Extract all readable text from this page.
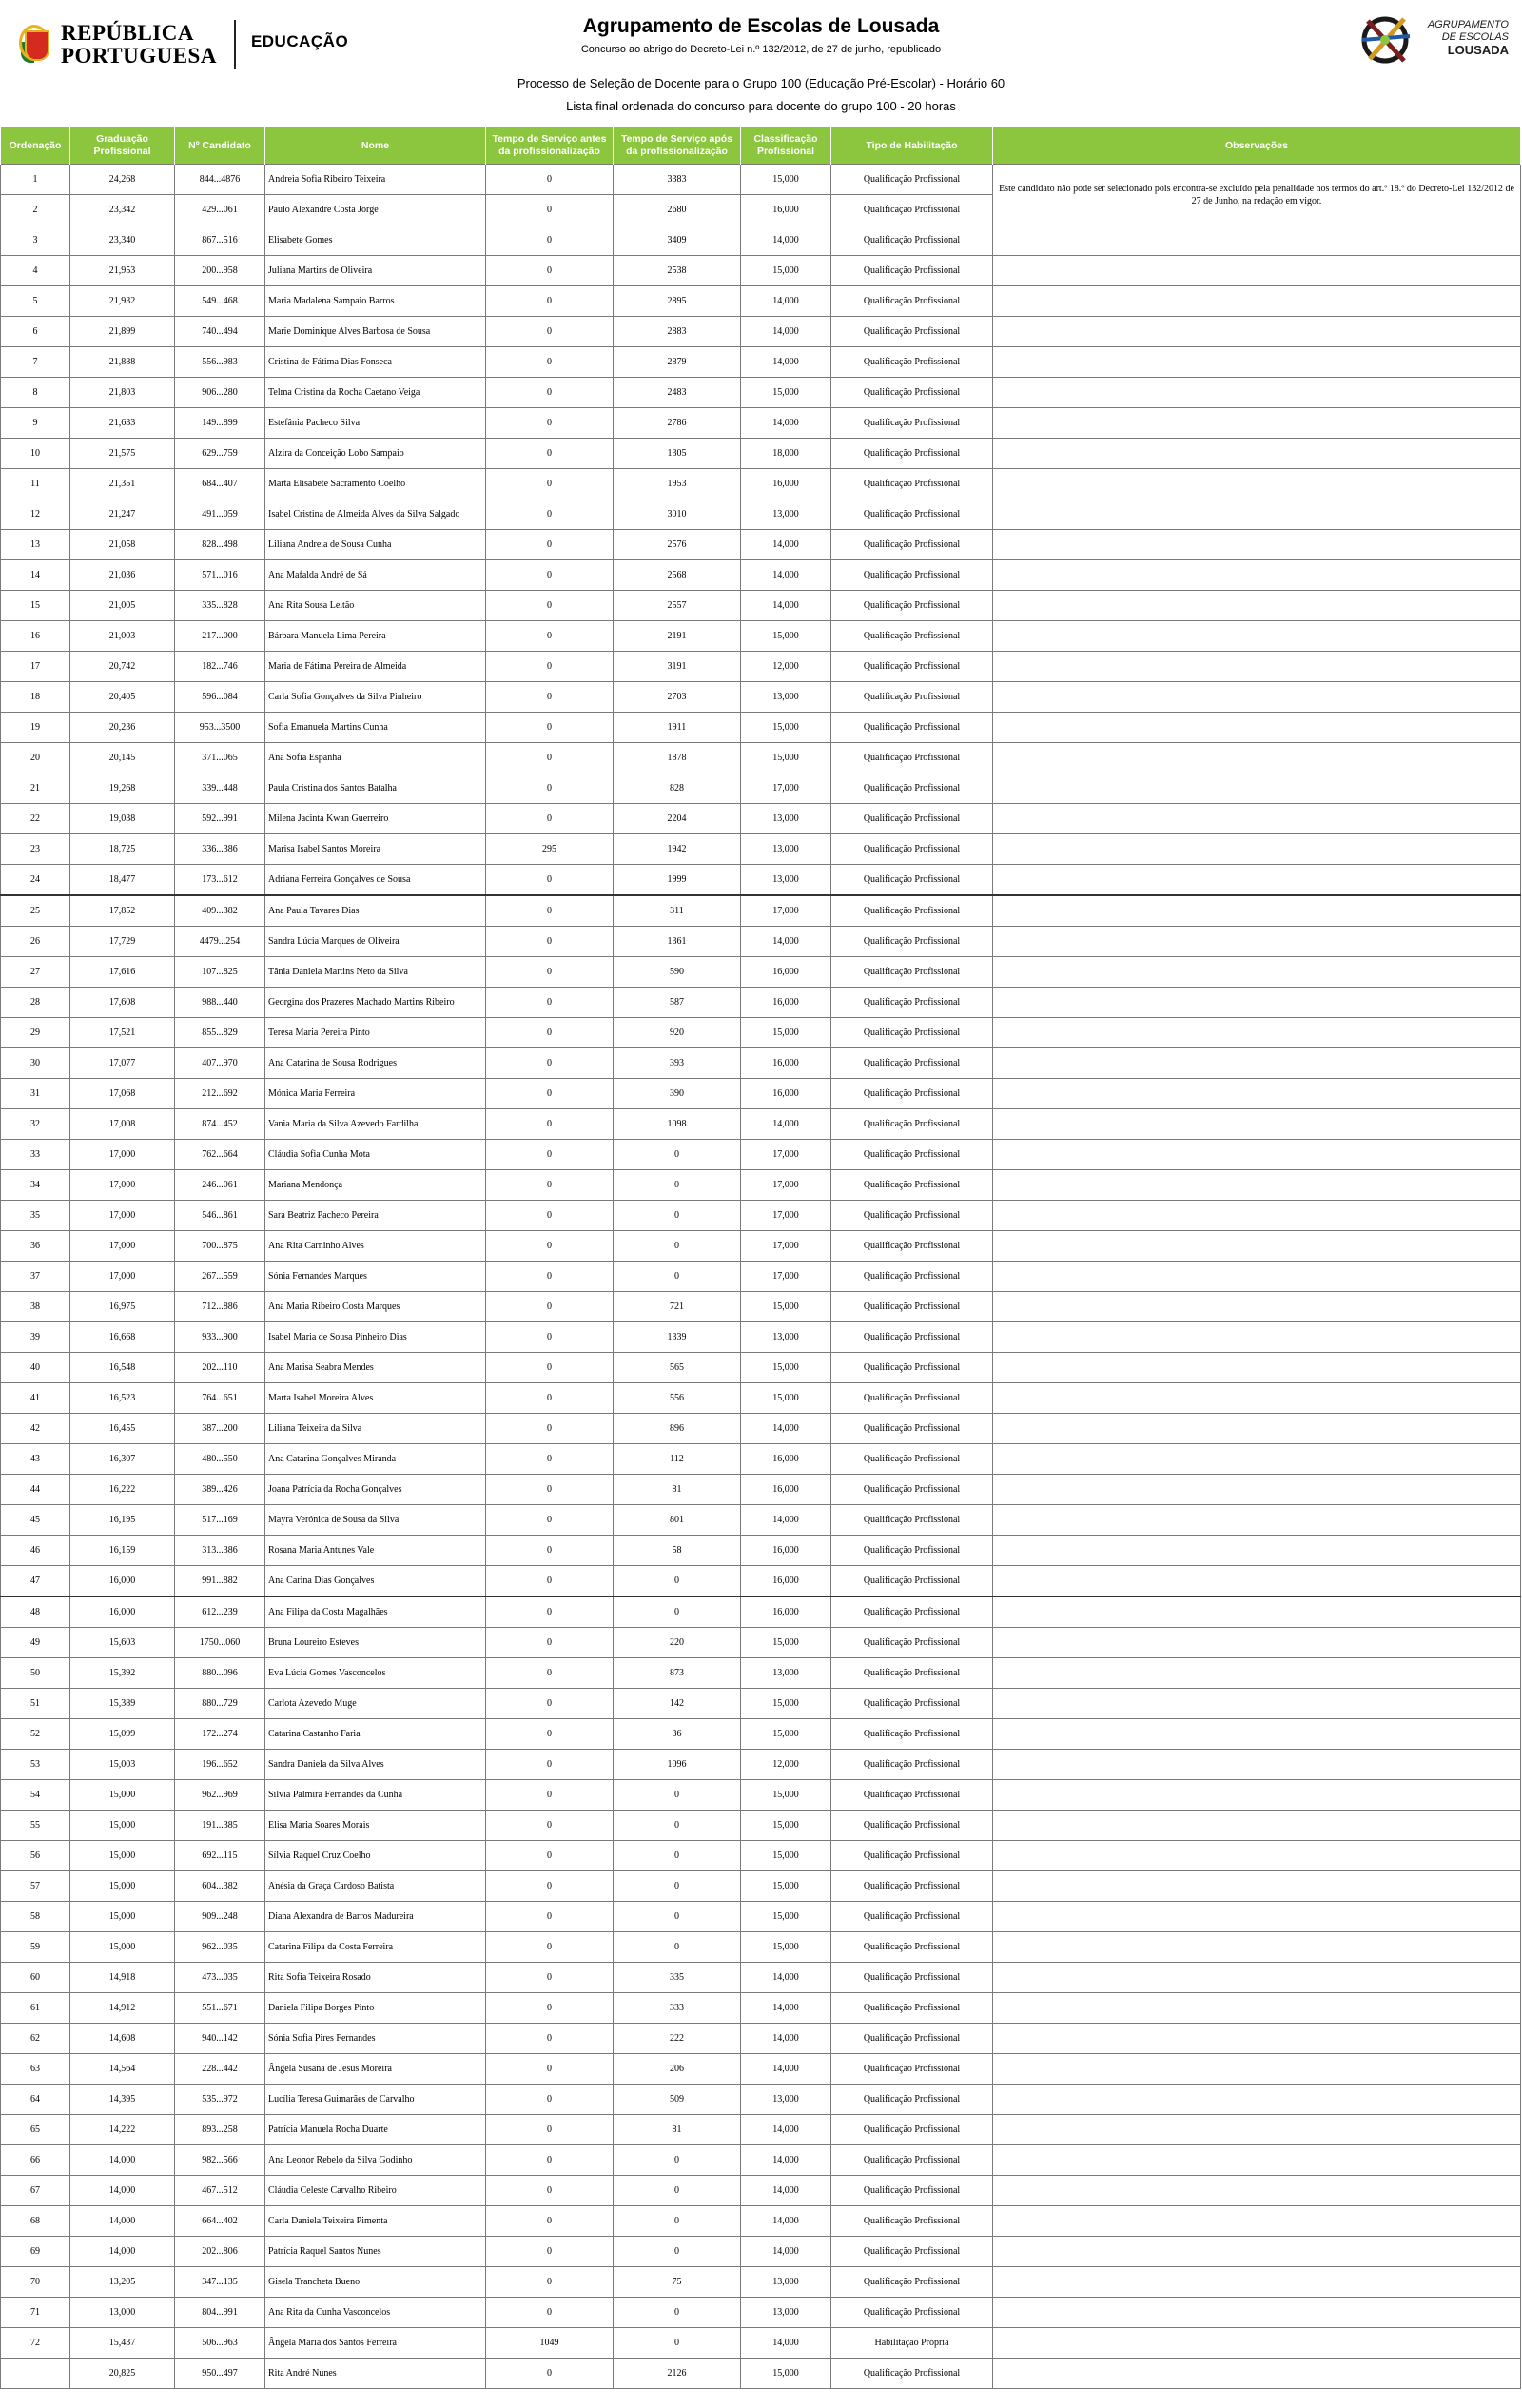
REPÚBLICA
PORTUGUESA
EDUCAÇÃO
Agrupamento de Escolas de Lousada
Concurso ao abrigo do Decreto-Lei n.º 132/2012, de 27 de junho, republicado
Processo de Seleção de Docente para o Grupo 100 (Educação Pré-Escolar) - Horário 60
Lista final ordenada do concurso para docente do grupo 100 - 20 horas
AGRUPAMENTO
DE ESCOLAS
LOUSADA
Ordenação	Graduação Profissional	Nº Candidato	Nome	Tempo de Serviço antes da profissionalização	Tempo de Serviço após da profissionalização	Classificação Profissional	Tipo de Habilitação	Observações
1	24,268	844...4876	Andreia Sofia Ribeiro Teixeira	0	3383	15,000	Qualificação Profissional	Este candidato não pode ser selecionado pois encontra-se excluído pela penalidade nos termos do art.º 18.º do Decreto-Lei 132/2012 de 27 de Junho, na redação em vigor.
2	23,342	429...061	Paulo Alexandre Costa Jorge	0	2680	16,000	Qualificação Profissional	
3	23,340	867...516	Elisabete Gomes	0	3409	14,000	Qualificação Profissional	
4	21,953	200...958	Juliana Martins de Oliveira	0	2538	15,000	Qualificação Profissional	
5	21,932	549...468	Maria Madalena Sampaio Barros	0	2895	14,000	Qualificação Profissional	
6	21,899	740...494	Marie Dominique Alves Barbosa de Sousa	0	2883	14,000	Qualificação Profissional	
7	21,888	556...983	Cristina de Fátima Dias Fonseca	0	2879	14,000	Qualificação Profissional	
8	21,803	906...280	Telma Cristina da Rocha Caetano Veiga	0	2483	15,000	Qualificação Profissional	
9	21,633	149...899	Estefânia Pacheco Silva	0	2786	14,000	Qualificação Profissional	
10	21,575	629...759	Alzira da Conceição Lobo Sampaio	0	1305	18,000	Qualificação Profissional	
11	21,351	684...407	Marta Elisabete Sacramento Coelho	0	1953	16,000	Qualificação Profissional	
12	21,247	491...059	Isabel Cristina de Almeida Alves da Silva Salgado	0	3010	13,000	Qualificação Profissional	
13	21,058	828...498	Liliana Andreia de Sousa Cunha	0	2576	14,000	Qualificação Profissional	
14	21,036	571...016	Ana Mafalda André de Sá	0	2568	14,000	Qualificação Profissional	
15	21,005	335...828	Ana Rita Sousa Leitão	0	2557	14,000	Qualificação Profissional	
16	21,003	217...000	Bárbara Manuela Lima Pereira	0	2191	15,000	Qualificação Profissional	
17	20,742	182...746	Maria de Fátima Pereira de Almeida	0	3191	12,000	Qualificação Profissional	
18	20,405	596...084	Carla Sofia Gonçalves da Silva Pinheiro	0	2703	13,000	Qualificação Profissional	
19	20,236	953...3500	Sofia Emanuela Martins Cunha	0	1911	15,000	Qualificação Profissional	
20	20,145	371...065	Ana Sofia Espanha	0	1878	15,000	Qualificação Profissional	
21	19,268	339...448	Paula Cristina dos Santos Batalha	0	828	17,000	Qualificação Profissional	
22	19,038	592...991	Milena Jacinta Kwan Guerreiro	0	2204	13,000	Qualificação Profissional	
23	18,725	336...386	Marisa Isabel Santos Moreira	295	1942	13,000	Qualificação Profissional	
24	18,477	173...612	Adriana Ferreira Gonçalves de Sousa	0	1999	13,000	Qualificação Profissional	
25	17,852	409...382	Ana Paula Tavares Dias	0	311	17,000	Qualificação Profissional	
26	17,729	4479...254	Sandra Lúcia Marques de Oliveira	0	1361	14,000	Qualificação Profissional	
27	17,616	107...825	Tânia Daniela Martins Neto da Silva	0	590	16,000	Qualificação Profissional	
28	17,608	988...440	Georgina dos Prazeres Machado Martins Ribeiro	0	587	16,000	Qualificação Profissional	
29	17,521	855...829	Teresa Maria Pereira Pinto	0	920	15,000	Qualificação Profissional	
30	17,077	407...970	Ana Catarina de Sousa Rodrigues	0	393	16,000	Qualificação Profissional	
31	17,068	212...692	Mónica Maria Ferreira	0	390	16,000	Qualificação Profissional	
32	17,008	874...452	Vania Maria da Silva Azevedo Fardilha	0	1098	14,000	Qualificação Profissional	
33	17,000	762...664	Cláudia Sofia Cunha Mota	0	0	17,000	Qualificação Profissional	
34	17,000	246...061	Mariana Mendonça	0	0	17,000	Qualificação Profissional	
35	17,000	546...861	Sara Beatriz Pacheco Pereira	0	0	17,000	Qualificação Profissional	
36	17,000	700...875	Ana Rita Carninho Alves	0	0	17,000	Qualificação Profissional	
37	17,000	267...559	Sónia Fernandes Marques	0	0	17,000	Qualificação Profissional	
38	16,975	712...886	Ana Maria Ribeiro Costa Marques	0	721	15,000	Qualificação Profissional	
39	16,668	933...900	Isabel Maria de Sousa Pinheiro Dias	0	1339	13,000	Qualificação Profissional	
40	16,548	202...110	Ana Marisa Seabra Mendes	0	565	15,000	Qualificação Profissional	
41	16,523	764...651	Marta Isabel Moreira Alves	0	556	15,000	Qualificação Profissional	
42	16,455	387...200	Liliana Teixeira da Silva	0	896	14,000	Qualificação Profissional	
43	16,307	480...550	Ana Catarina Gonçalves Miranda	0	112	16,000	Qualificação Profissional	
44	16,222	389...426	Joana Patrícia da Rocha Gonçalves	0	81	16,000	Qualificação Profissional	
45	16,195	517...169	Mayra Verónica de Sousa da Silva	0	801	14,000	Qualificação Profissional	
46	16,159	313...386	Rosana Maria Antunes Vale	0	58	16,000	Qualificação Profissional	
47	16,000	991...882	Ana Carina Dias Gonçalves	0	0	16,000	Qualificação Profissional	
48	16,000	612...239	Ana Filipa da Costa Magalhães	0	0	16,000	Qualificação Profissional	
49	15,603	1750...060	Bruna Loureiro Esteves	0	220	15,000	Qualificação Profissional	
50	15,392	880...096	Eva Lúcia Gomes Vasconcelos	0	873	13,000	Qualificação Profissional	
51	15,389	880...729	Carlota Azevedo Muge	0	142	15,000	Qualificação Profissional	
52	15,099	172...274	Catarina Castanho Faria	0	36	15,000	Qualificação Profissional	
53	15,003	196...652	Sandra Daniela da Silva Alves	0	1096	12,000	Qualificação Profissional	
54	15,000	962...969	Sílvia Palmira Fernandes da Cunha	0	0	15,000	Qualificação Profissional	
55	15,000	191...385	Elisa Maria Soares Morais	0	0	15,000	Qualificação Profissional	
56	15,000	692...115	Sílvia Raquel Cruz Coelho	0	0	15,000	Qualificação Profissional	
57	15,000	604...382	Anésia da Graça Cardoso Batista	0	0	15,000	Qualificação Profissional	
58	15,000	909...248	Diana Alexandra de Barros Madureira	0	0	15,000	Qualificação Profissional	
59	15,000	962...035	Catarina Filipa da Costa Ferreira	0	0	15,000	Qualificação Profissional	
60	14,918	473...035	Rita Sofia Teixeira Rosado	0	335	14,000	Qualificação Profissional	
61	14,912	551...671	Daniela Filipa Borges Pinto	0	333	14,000	Qualificação Profissional	
62	14,608	940...142	Sónia Sofia Pires Fernandes	0	222	14,000	Qualificação Profissional	
63	14,564	228...442	Ângela Susana de Jesus Moreira	0	206	14,000	Qualificação Profissional	
64	14,395	535...972	Lucília Teresa Guimarães de Carvalho	0	509	13,000	Qualificação Profissional	
65	14,222	893...258	Patrícia Manuela Rocha Duarte	0	81	14,000	Qualificação Profissional	
66	14,000	982...566	Ana Leonor Rebelo da Silva Godinho	0	0	14,000	Qualificação Profissional	
67	14,000	467...512	Cláudia Celeste Carvalho Ribeiro	0	0	14,000	Qualificação Profissional	
68	14,000	664...402	Carla Daniela Teixeira Pimenta	0	0	14,000	Qualificação Profissional	
69	14,000	202...806	Patrícia Raquel Santos Nunes	0	0	14,000	Qualificação Profissional	
70	13,205	347...135	Gisela Trancheta Bueno	0	75	13,000	Qualificação Profissional	
71	13,000	804...991	Ana Rita da Cunha Vasconcelos	0	0	13,000	Qualificação Profissional	
72	15,437	506...963	Ângela Maria dos Santos Ferreira	1049	0	14,000	Habilitação Própria	
	20,825	950...497	Rita André Nunes	0	2126	15,000	Qualificação Profissional	
